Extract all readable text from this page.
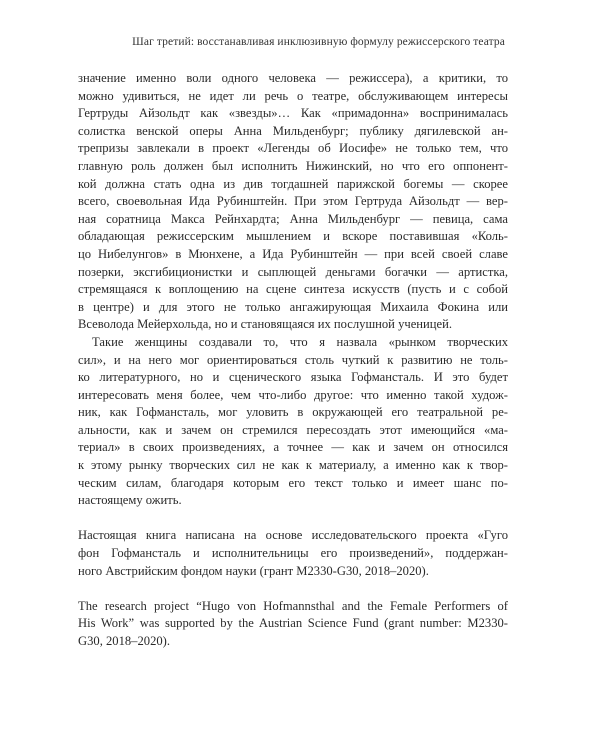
Шаг третий: восстанавливая инклюзивную формулу режиссерского театра
значение именно воли одного человека — режиссера), а критики, то
можно удивиться, не идет ли речь о театре, обслуживающем интересы
Гертруды Айзольдт как «звезды»… Как «примадонна» воспринималась
солистка венской оперы Анна Мильденбург; публику дягилевской ан-
трепризы завлекали в проект «Легенды об Иосифе» не только тем, что
главную роль должен был исполнить Нижинский, но что его оппонент-
кой должна стать одна из див тогдашней парижской богемы — скорее
всего, своевольная Ида Рубинштейн. При этом Гертруда Айзольдт — вер-
ная соратница Макса Рейнхардта; Анна Мильденбург — певица, сама
обладающая режиссерским мышлением и вскоре поставившая «Коль-
цо Нибелунгов» в Мюнхене, а Ида Рубинштейн — при всей своей славе
позерки, эксгибиционистки и сыплющей деньгами богачки — артистка,
стремящаяся к воплощению на сцене синтеза искусств (пусть и с собой
в центре) и для этого не только ангажирующая Михаила Фокина или
Всеволода Мейерхольда, но и становящаяся их послушной ученицей.
Такие женщины создавали то, что я назвала «рынком творческих
сил», и на него мог ориентироваться столь чуткий к развитию не толь-
ко литературного, но и сценического языка Гофмансталь. И это будет
интересовать меня более, чем что-либо другое: что именно такой худож-
ник, как Гофмансталь, мог уловить в окружающей его театральной ре-
альности, как и зачем он стремился пересоздать этот имеющийся «ма-
териал» в своих произведениях, а точнее — как и зачем он относился
к этому рынку творческих сил не как к материалу, а именно как к твор-
ческим силам, благодаря которым его текст только и имеет шанс по-
настоящему ожить.
Настоящая книга написана на основе исследовательского проекта «Гуго
фон Гофмансталь и исполнительницы его произведений», поддержан-
ного Австрийским фондом науки (грант M2330-G30, 2018–2020).
The research project “Hugo von Hofmannsthal and the Female Performers of
His Work” was supported by the Austrian Science Fund (grant number: M2330-
G30, 2018–2020).
